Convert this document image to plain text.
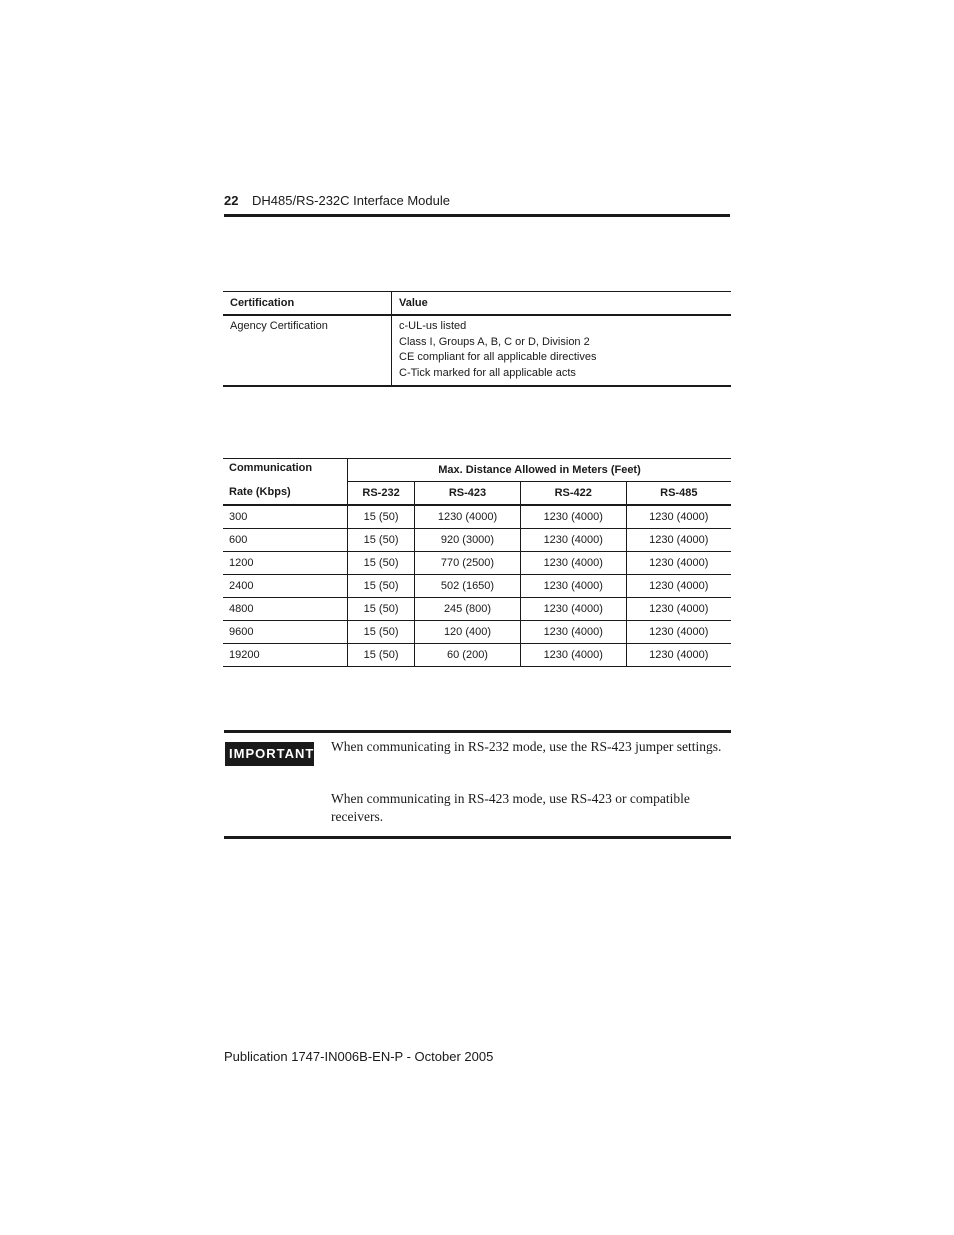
22 DH485/RS-232C Interface Module
Certification	Value
Agency Certification	c-UL-us listed
Class I, Groups A, B, C or D, Division 2
CE compliant for all applicable directives
C-Tick marked for all applicable acts
Communication
Rate (Kbps)	Max. Distance Allowed in Meters (Feet)			
	RS-232	RS-423	RS-422	RS-485
300	15 (50)	1230 (4000)	1230 (4000)	1230 (4000)
600	15 (50)	920 (3000)	1230 (4000)	1230 (4000)
1200	15 (50)	770 (2500)	1230 (4000)	1230 (4000)
2400	15 (50)	502 (1650)	1230 (4000)	1230 (4000)
4800	15 (50)	245 (800)	1230 (4000)	1230 (4000)
9600	15 (50)	120 (400)	1230 (4000)	1230 (4000)
19200	15 (50)	60 (200)	1230 (4000)	1230 (4000)
IMPORTANT When communicating in RS-232 mode, use the RS-423 jumper settings.
When communicating in RS-423 mode, use RS-423 or compatible receivers.
Publication 1747-IN006B-EN-P - October 2005
